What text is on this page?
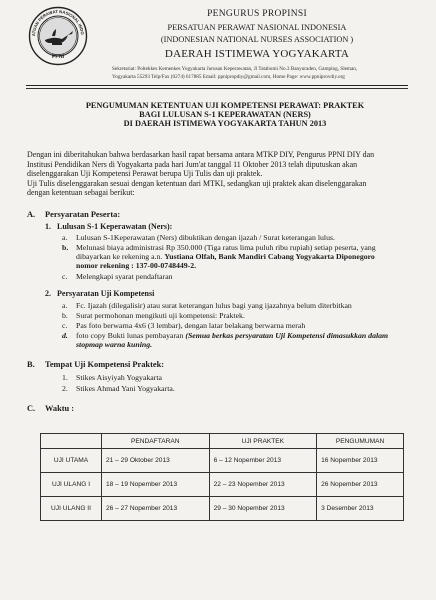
ATUAN PERAWAT NASIONAL INDO
PPNI
PENGURUS PROPINSI
PERSATUAN PERAWAT NASIONAL INDONESIA
(INDONESIAN NATIONAL NURSES ASSOCIATION )
DAERAH ISTIMEWA YOGYAKARTA
Sekretariat: Poltekkes Kemenkes Yogyakarta Jurusan Keperawatan, Jl Tatabumi No.3 Banyuraden, Gamping, Sleman,
Yogyakarta 55293 Telp/Fax (0274) 617885 Email: ppnipropdiy@gmail.com, Home Page: www.ppniprovdiy.org
PENGUMUMAN KETENTUAN UJI KOMPETENSI PERAWAT: PRAKTEK
BAGI LULUSAN S-1 KEPERAWATAN (NERS)
DI DAERAH ISTIMEWA YOGYAKARTA TAHUN 2013
Dengan ini diberitahukan bahwa berdasarkan hasil rapat bersama antara MTKP DIY, Pengurus PPNI DIY dan
Institusi Pendidikan Ners di Yogyakarta pada hari Jum'at tanggal 11 Oktober 2013 telah diputuskan akan
diselenggarakan Uji Kompetensi Perawat berupa Uji Tulis dan uji praktek.
Uji Tulis diselenggarakan sesuai dengan ketentuan dari MTKI, sedangkan uji praktek akan diselenggarakan
dengan ketentuan sebagai berikut:
A. Persyaratan Peserta:
1. Lulusan S-1 Keperawatan (Ners):
a. Lulusan S-1Keperawatan (Ners) dibuktikan dengan ijazah / Surat keterangan lulus.
b. Melunasi biaya administrasi Rp 350.000 (Tiga ratus lima puluh ribu rupiah) setiap peserta, yang
dibayarkan ke rekening a.n. Yustiana Olfah, Bank Mandiri Cabang Yogyakarta Diponegoro
nomor rekening : 137-00-0748449-2.
c. Melengkapi syarat pendaftaran
2. Persyaratan Uji Kompetensi
a. Fc. Ijazah (dilegalisir) atau surat keterangan lulus bagi yang ijazahnya belum diterbitkan
b. Surat permohonan mengikuti uji kompetensi: Praktek.
c. Pas foto berwarna 4x6 (3 lembar), dengan latar belakang berwarna merah
d. foto copy Bukti lunas pembayaran (Semua berkas persyaratan Uji Kompetensi dimasukkan dalam
stopmap warna kuning.
B. Tempat Uji Kompetensi Praktek:
1. Stikes Aisyiyah Yogyakarta
2. Stikes Ahmad Yani Yogyakarta.
C. Waktu :
	PENDAFTARAN	UJI PRAKTEK	PENGUMUMAN
UJI UTAMA	21 – 29 Oktober 2013	6 – 12 Nopember 2013	16 Nopember 2013
UJI ULANG I	18 – 19 Nopember 2013	22 – 23 Nopember 2013	26 Nopember 2013
UJI ULANG II	26 – 27 Nopember 2013	29 – 30 Nopember 2013	3 Desember 2013
